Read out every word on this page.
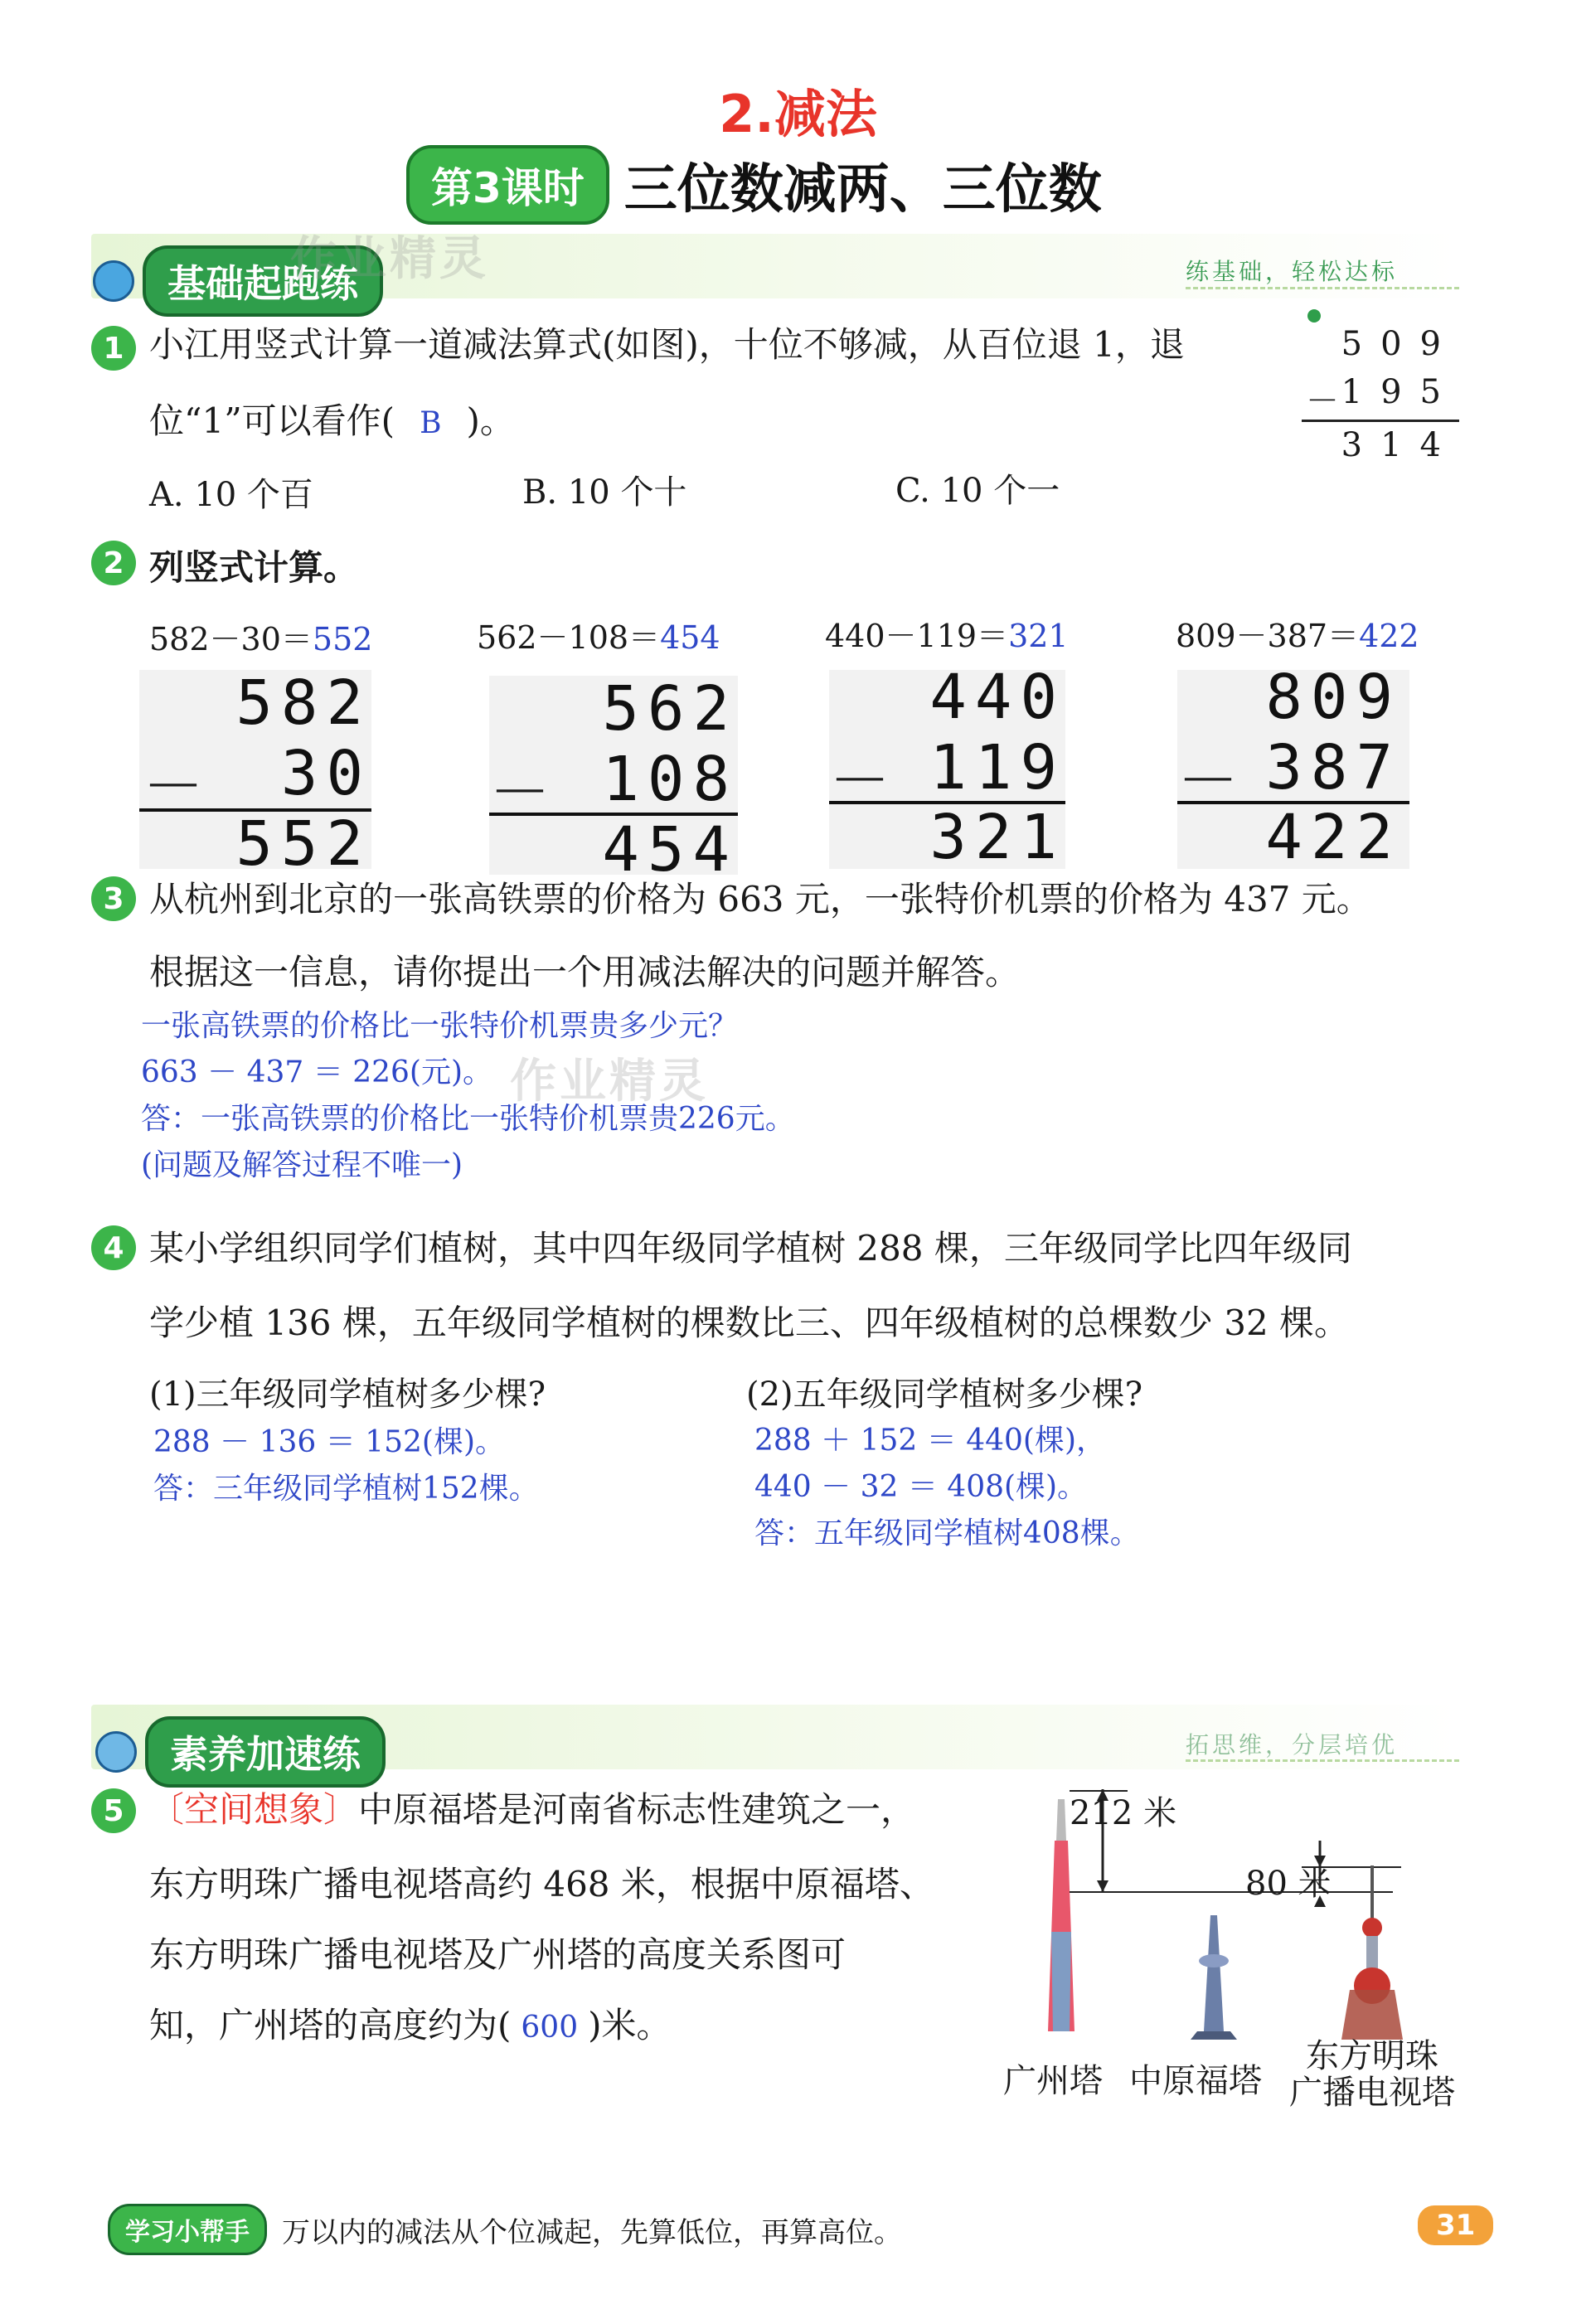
2.减法
第3课时 三位数减两、三位数
基础起跑练
作业精灵	练基础，轻松达标
1 小江用竖式计算一道减法算式(如图)，十位不够减，从百位退 1，退
位“1”可以看作( B )。
509
195
－
314
A. 10 个百	B. 10 个十	C. 10 个一
2 列竖式计算。
582－30＝552
582
30
－
552
562－108＝454
562
108
－
454
440－119＝321
440
119
－
321
809－387＝422
809
387
－
422
3 从杭州到北京的一张高铁票的价格为 663 元，一张特价机票的价格为 437 元。
根据这一信息，请你提出一个用减法解决的问题并解答。
一张高铁票的价格比一张特价机票贵多少元？
663 － 437 ＝ 226(元)。
答：一张高铁票的价格比一张特价机票贵226元。
(问题及解答过程不唯一)
作业精灵
4 某小学组织同学们植树，其中四年级同学植树 288 棵，三年级同学比四年级同
学少植 136 棵，五年级同学植树的棵数比三、四年级植树的总棵数少 32 棵。
(1)三年级同学植树多少棵?	(2)五年级同学植树多少棵?
288 － 136 ＝ 152(棵)。
答：三年级同学植树152棵。
288 ＋ 152 ＝ 440(棵)，
440 － 32 ＝ 408(棵)。
答：五年级同学植树408棵。
素养加速练	拓思维，分层培优
5 〔空间想象〕中原福塔是河南省标志性建筑之一，
东方明珠广播电视塔高约 468 米，根据中原福塔、
东方明珠广播电视塔及广州塔的高度关系图可
知，广州塔的高度约为( 600 )米。
212 米
80 米
广州塔 中原福塔
东方明珠
广播电视塔
学习小帮手	万以内的减法从个位减起，先算低位，再算高位。	31
